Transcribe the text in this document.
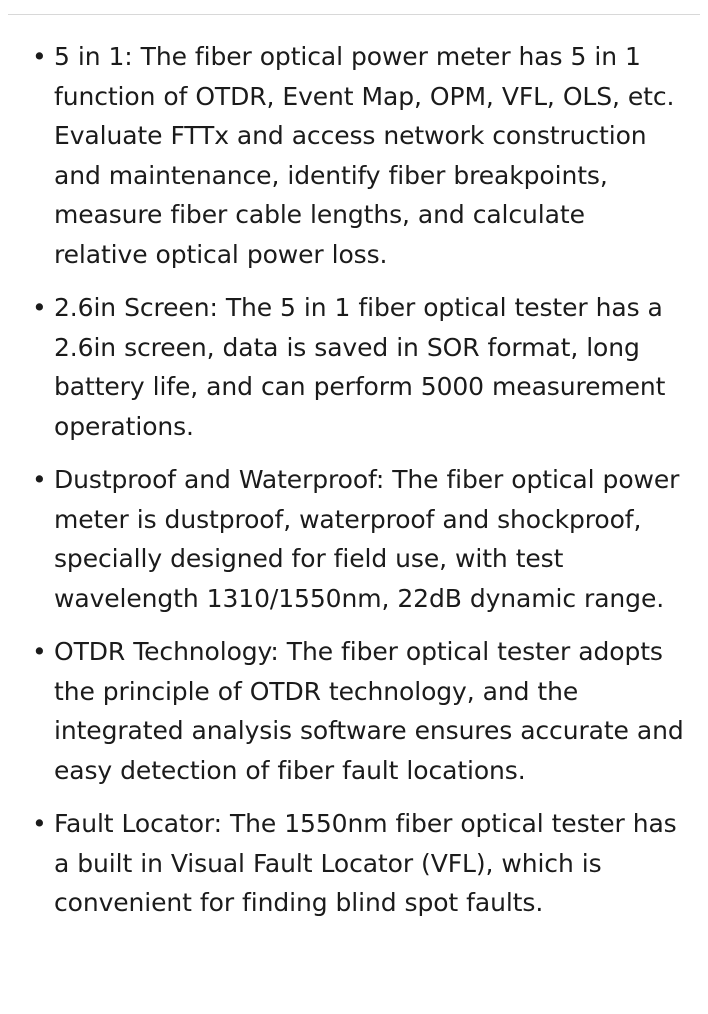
• 5 in 1: The fiber optical power meter has 5 in 1 function of OTDR, Event Map, OPM, VFL, OLS, etc. Evaluate FTTx and access network construction and maintenance, identify fiber breakpoints, measure fiber cable lengths, and calculate relative optical power loss.
• 2.6in Screen: The 5 in 1 fiber optical tester has a 2.6in screen, data is saved in SOR format, long battery life, and can perform 5000 measurement operations.
• Dustproof and Waterproof: The fiber optical power meter is dustproof, waterproof and shockproof, specially designed for field use, with test wavelength 1310/1550nm, 22dB dynamic range.
• OTDR Technology: The fiber optical tester adopts the principle of OTDR technology, and the integrated analysis software ensures accurate and easy detection of fiber fault locations.
• Fault Locator: The 1550nm fiber optical tester has a built in Visual Fault Locator (VFL), which is convenient for finding blind spot faults.
